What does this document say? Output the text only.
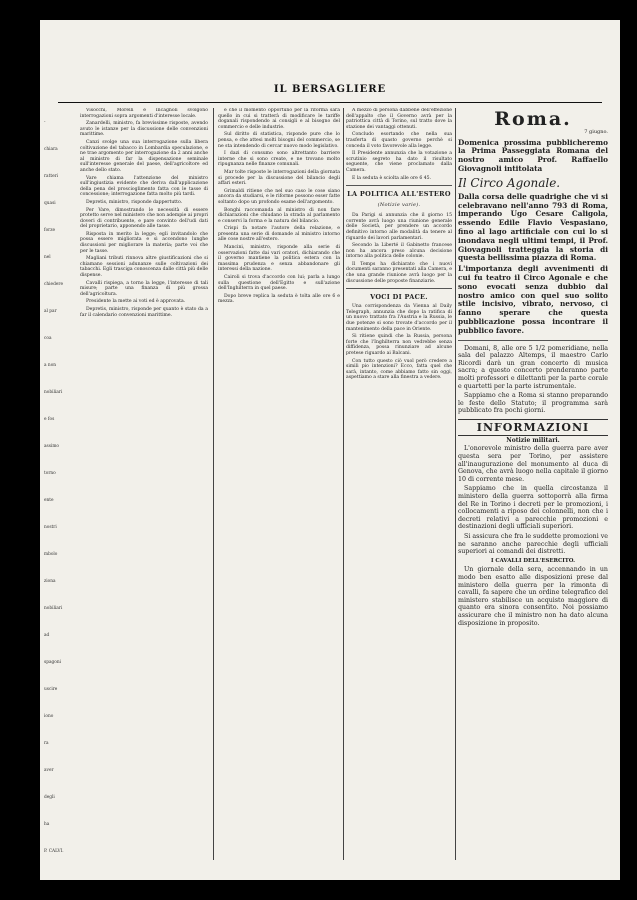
-
chiara
ratteri
quasi
forze
nel
chiedere
al par
coa
a non
nobiliari
e fos
assimo
torno
ente
nostri
mbolo
ziona
nobiliari
ad
spagoni
uscire
iono
ra
aver
degli
ha
P. CALVI.
IL BERSAGLIERE
Visocchi, Morelli e Incagnoli svolgono interrogazioni sopra argomenti d'interesse locale.
Zanardelli, ministro, fa brevissime risposte, avendo avuto le istanze per la discussione delle convenzioni marittime.
Canzi svolge una sua interrogazione sulla libera coltivazione del tabacco in Lombardia speculazione, e ne trae argomento per interrogazione da 2 anni anche al ministro di far la dispensazione seminale sull'interesse generale del paese, dell'agricoltore ed anche dello stato.
Vare chiama l'attenzione del ministro sull'ingiustizia evidente che deriva dall'applicazione della pena del proscioglimento fatta con le tasse di concessione; interrogazione fatta molto più tardi.
Depretis, ministro, risponde dappertutto.
Per Vare, dimostrando le necessità di essere protetto serve nel ministero che non adempie ai propri doveri di contribuente, e pare convinto dell'udi dati del proprietario, apponendo alle tasse.
Risposta in merito la legge; egli invitandolo che possa essere migliorata e si accendono lunghe discussioni per migliorare la materia; parte voi che per le tasse.
Magliani tributi rinnova altre giustificazioni che si chiamano sessioni adunanze sulle coltivazioni dei tabacchi. Egli trasciga conoscenza dalle città più delle dispense.
Cavalli rispiega, a torno la legge, l'interesse di tali misure; parte una finanza di più grossa dell'agricoltura.
Presidente la mette ai voti ed è approvata.
Depretis, ministro, risponde per quanto è stato da a far il calendario convenzioni marittime.
e che il momento opportuno per la riforma sarà quello in cui si tratterà di modificare le tariffe doganali rispondendo ai consigli e al bisogno del commercio e delle industrie.
Sul diritto di statistica, risponde pure che lo pensa, e che attesi molti bisogni del commercio, se ne sta intendendo di cercar nuovo modo legislativo.
I dazi di consumo sono altrettanto barriere interne che si sono create, e ne trovano molto ripugnanza nelle finanze comunali.
Mar tolte risposte le interrogazioni della giornata si procede per la discussione del bilancio degli affari esteri.
Grimaldi ritiene che nel suo caso le cose siano ancora da studiarsi, e le riforme possono esser fatte soltanto dopo un profondo esame dell'argomento.
Bonghi raccomanda al ministro di non fare dichiarazioni che chiudano la strada al parlamento e conservi la forma e la natura del bilancio.
Crispi fa notare l'autore della relazione, e presenta una serie di domande al ministro intorno alle cose nostre all'estero.
Mancini, ministro, risponde alla serie di osservazioni fatte dai vari oratori, dichiarando che il governo mantiene la politica estera con la massima prudenza e senza abbandonare gli interessi della nazione.
Cairoli si trova d'accordo con lui; parla a lungo sulla questione dell'Egitto e sull'azione dell'Inghilterra in quel paese.
Dopo breve replica la seduta è tolta alle ore 6 e mezza.
A mezzo di persona dabbene dell'effezione dell'appalto che il Governo avrà per la patriottica città di Torino, sul tratto dove la stazione dei vantaggi ottenuti.
Concludo esortando che nella sua trasferta di quasto governo perchè si conceda il voto favorevole alla legge.
Il Presidente annunzia che la votazione a scrutinio segreto ha dato il risultato seguente, che viene proclamato dalla Camera.
E la seduta è sciolta alle ore 6 45.
LA POLITICA ALL'ESTERO
(Notizie varie).
Da Parigi si annunzia che il giorno 15 corrente avrà luogo una riunione generale delle Società, per prendere un accordo definitivo intorno alle modalità da tenere al riguardo dei lavori parlamentari.
Secondo la Liberté il Gabinetto francese non ha ancora preso alcuna decisione intorno alla politica delle colonie.
Il Temps ha dichiarato che i nuovi documenti saranno presentati alla Camera, e che una grande riunione avrà luogo per la discussione delle proposte finanziarie.
VOCI DI PACE.
Una corrispondenza da Vienna al Daily Telegraph, annunzia che dopo la ratifica di un nuovo trattato fra l'Austria e la Russia, le due potenze si sono trovate d'accordo per il mantenimento della pace in Oriente.
Si ritiene quindi che la Russia, persona forte che l'Inghilterra non vedrebbe senza diffidenza, possa rinunziare ad alcune pretese riguardo ai Balcani.
Con tutto questo ciò vuol però credere a simili pio intenzioni? Ecco, fatta quel che sarà, intanto, come abbiamo fatto sin oggi, aspettiamo a stare alla finestra a vedere.
Roma.
7 giugno.
Domenica prossima pubblicheremo la Prima Passeggiata Romana del nostro amico Prof. Raffaello Giovagnoli intitolata
Il Circo Agonale.
Dalla corsa delle quadrighe che vi si celebravano nell'anno 793 di Roma, imperando Ugo Cesare Caligola, essendo Edile Flavio Vespasiano, fino al lago artificiale con cui lo si inondava negli ultimi tempi, il Prof. Giovagnoli tratteggia la storia di questa bellissima piazza di Roma.
L'importanza degli avvenimenti di cui fu teatro il Circo Agonale e che sono evocati senza dubbio dal nostro amico con quel suo solito stile incisivo, vibrato, nervoso, ci fanno sperare che questa pubblicazione possa incontrare il pubblico favore.
Domani, 8, alle ore 5 1/2 pomeridiane, nella sala del palazzo Altemps, il maestro Carlo Ricordi darà un gran concerto di musica sacra; a questo concerto prenderanno parte molti professori e dilettanti per la parte corale e quartetti per la parte istrumentale.
Sappiamo che a Roma si stanno preparando le feste dello Statuto; il programma sarà pubblicato fra pochi giorni.
INFORMAZIONI
Notizie militari.
L'onorevole ministro della guerra pare aver questa sera per Torino, per assistere all'inaugurazione del monumento al duca di Genova, che avrà luogo nella capitale il giorno 10 di corrente mese.
Sappiamo che in quella circostanza il ministero della guerra sottoporrà alla firma del Re in Torino i decreti per le promozioni, i collocamenti a riposo dei colonnelli, non che i decreti relativi a parecchie promozioni e destinazioni degli ufficiali superiori.
Si assicura che fra le suddette promozioni ve ne saranno anche parecchie degli ufficiali superiori ai comandi dei distretti.
I CAVALLI DELL'ESERCITO.
Un giornale della sera, accennando in un modo ben esatto alle disposizioni prese dal ministero della guerra per la rimonta di cavalli, fa sapere che un ordine telegrafico del ministero stabilisce un acquisto maggiore di quanto era sinora consentito. Noi possiamo assicurare che il ministro non ha dato alcuna disposizione in proposito.
